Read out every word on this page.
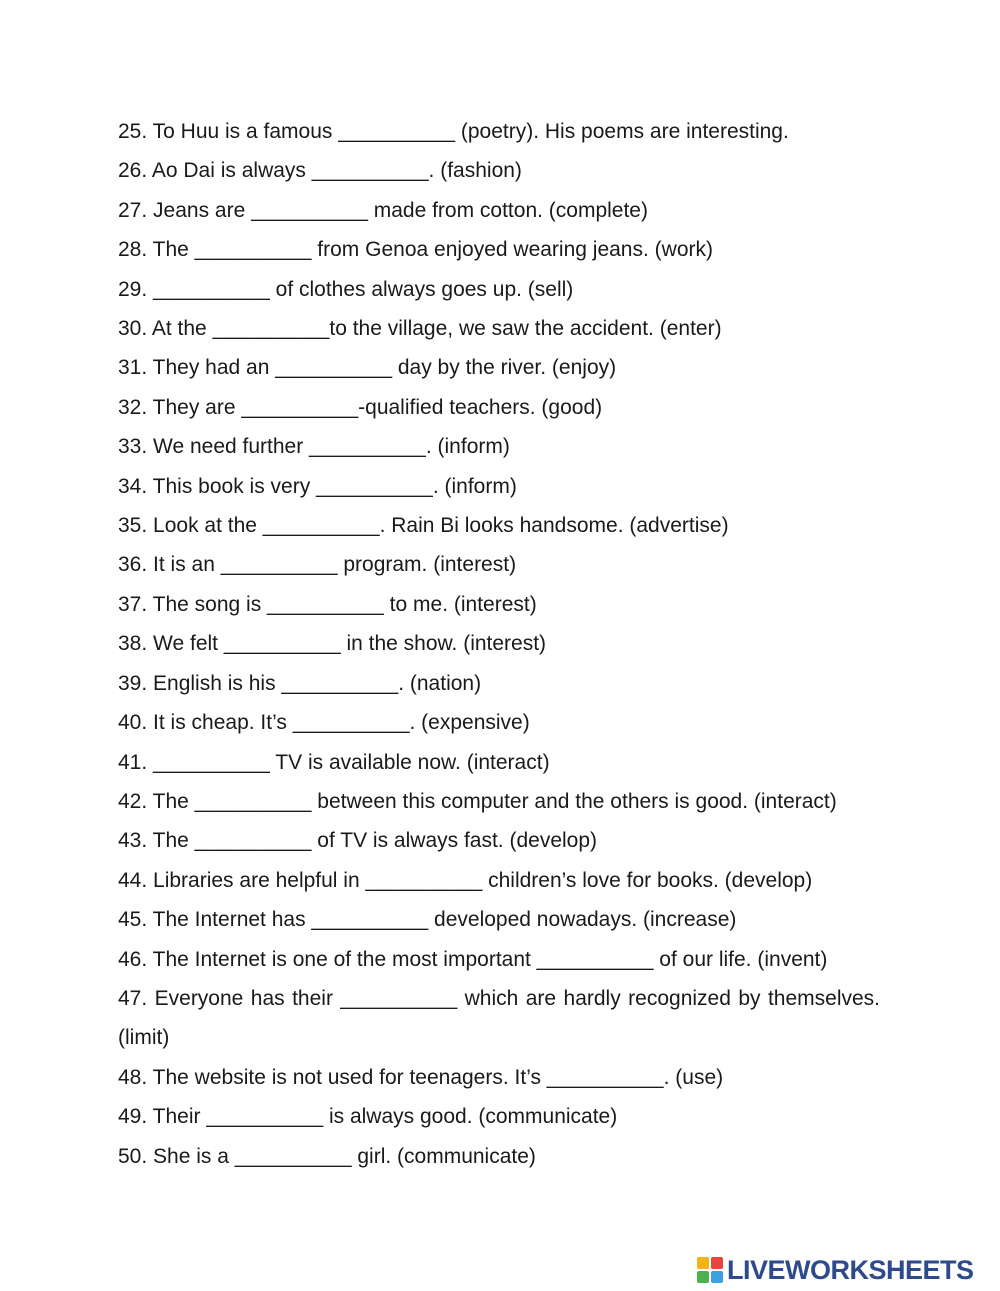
25. To Huu is a famous __________ (poetry). His poems are interesting.
26. Ao Dai is always __________. (fashion)
27. Jeans are __________ made from cotton. (complete)
28. The __________ from Genoa enjoyed wearing jeans. (work)
29. __________ of clothes always goes up. (sell)
30. At the __________to the village, we saw the accident. (enter)
31. They had an __________ day by the river. (enjoy)
32. They are __________-qualified teachers. (good)
33. We need further __________. (inform)
34. This book is very __________. (inform)
35. Look at the __________. Rain Bi looks handsome. (advertise)
36. It is an __________ program. (interest)
37. The song is __________ to me. (interest)
38. We felt __________ in the show. (interest)
39. English is his __________. (nation)
40. It is cheap. It’s __________. (expensive)
41. __________ TV is available now. (interact)
42. The __________ between this computer and the others is good. (interact)
43. The __________ of TV is always fast. (develop)
44. Libraries are helpful in __________ children’s love for books. (develop)
45. The Internet has __________ developed nowadays. (increase)
46. The Internet is one of the most important __________ of our life. (invent)
47. Everyone has their __________ which are hardly recognized by themselves. (limit)
48. The website is not used for teenagers. It’s __________. (use)
49. Their __________ is always good. (communicate)
50. She is a __________ girl. (communicate)
LIVEWORKSHEETS
